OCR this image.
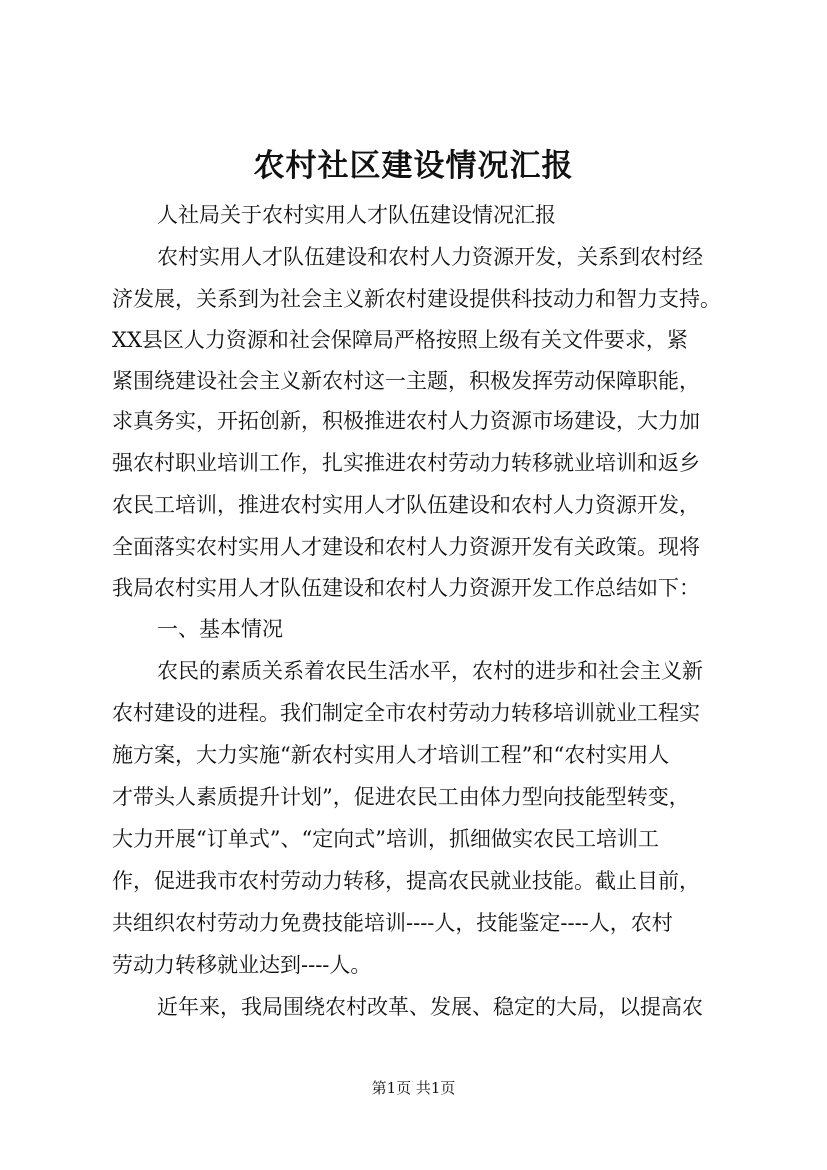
农村社区建设情况汇报
人社局关于农村实用人才队伍建设情况汇报
农村实用人才队伍建设和农村人力资源开发，关系到农村经
济发展，关系到为社会主义新农村建设提供科技动力和智力支持。
XX县区人力资源和社会保障局严格按照上级有关文件要求，紧
紧围绕建设社会主义新农村这一主题，积极发挥劳动保障职能，
求真务实，开拓创新，积极推进农村人力资源市场建设，大力加
强农村职业培训工作，扎实推进农村劳动力转移就业培训和返乡
农民工培训，推进农村实用人才队伍建设和农村人力资源开发，
全面落实农村实用人才建设和农村人力资源开发有关政策。现将
我局农村实用人才队伍建设和农村人力资源开发工作总结如下：
一、基本情况
农民的素质关系着农民生活水平，农村的进步和社会主义新
农村建设的进程。我们制定全市农村劳动力转移培训就业工程实
施方案，大力实施“新农村实用人才培训工程”和“农村实用人
才带头人素质提升计划”，促进农民工由体力型向技能型转变，
大力开展“订单式”、“定向式”培训，抓细做实农民工培训工
作，促进我市农村劳动力转移，提高农民就业技能。截止目前，
共组织农村劳动力免费技能培训----人，技能鉴定----人，农村
劳动力转移就业达到----人。
近年来，我局围绕农村改革、发展、稳定的大局，以提高农
第1页 共1页
